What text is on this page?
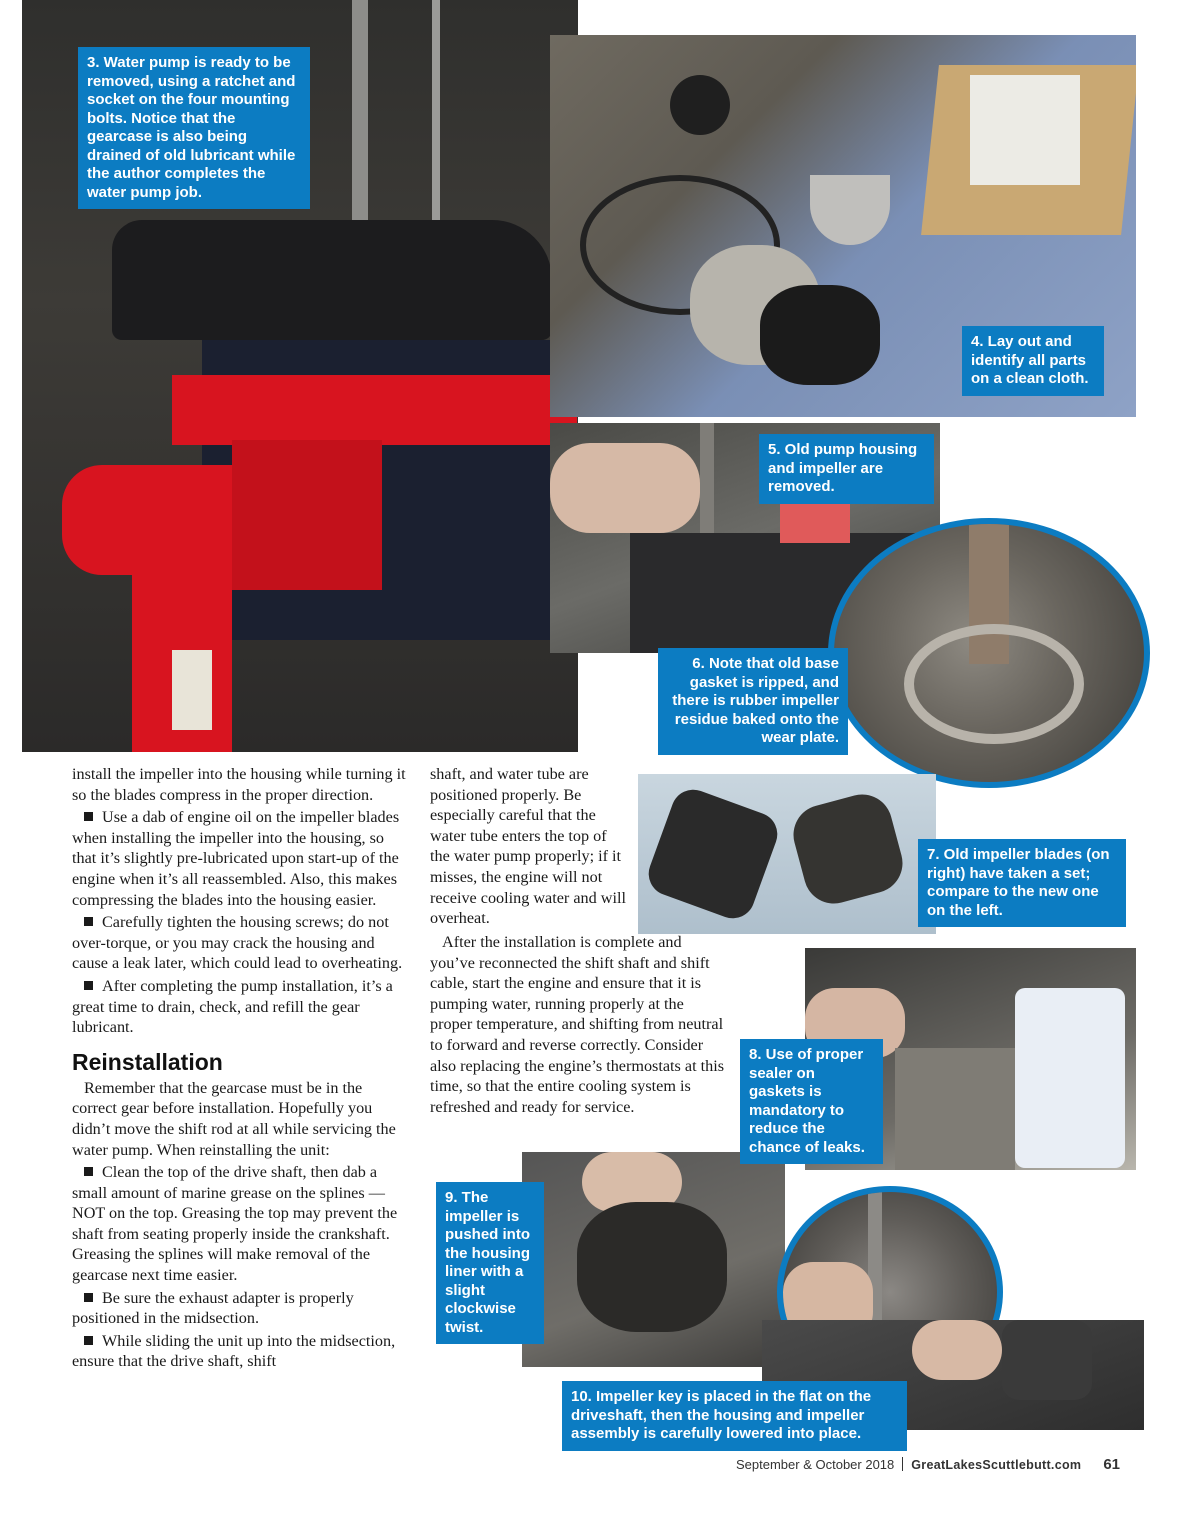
3. Water pump is ready to be removed, using a ratchet and socket on the four mounting bolts. Notice that the gearcase is also being drained of old lubricant while the author completes the water pump job.
4. Lay out and identify all parts on a clean cloth.
5. Old pump housing and impeller are removed.
6. Note that old base gasket is ripped, and there is rubber impeller residue baked onto the wear plate.
7. Old impeller blades (on right) have taken a set; compare to the new one on the left.
8. Use of proper sealer on gaskets is mandatory to reduce the chance of leaks.
9. The impeller is pushed into the housing liner with a slight clockwise twist.
10. Impeller key is placed in the flat on the driveshaft, then the housing and impeller assembly is carefully lowered into place.

install the impeller into the housing while turning it so the blades compress in the proper direction.

Use a dab of engine oil on the impeller blades when installing the impeller into the housing, so that it’s slightly pre-lubricated upon start-up of the engine when it’s all reassembled. Also, this makes compressing the blades into the housing easier.

Carefully tighten the housing screws; do not over-torque, or you may crack the housing and cause a leak later, which could lead to overheating.

After completing the pump installation, it’s a great time to drain, check, and refill the gear lubricant.

Reinstallation

Remember that the gearcase must be in the correct gear before installation. Hopefully you didn’t move the shift rod at all while servicing the water pump. When reinstalling the unit:

Clean the top of the drive shaft, then dab a small amount of marine grease on the splines — NOT on the top. Greasing the top may prevent the shaft from seating properly inside the crankshaft. Greasing the splines will make removal of the gearcase next time easier.

Be sure the exhaust adapter is properly positioned in the midsection.

While sliding the unit up into the midsection, ensure that the drive shaft, shift

shaft, and water tube are positioned properly. Be especially careful that the water tube enters the top of the water pump properly; if it misses, the engine will not receive cooling water and will overheat.

After the installation is complete and you’ve reconnected the shift shaft and shift cable, start the engine and ensure that it is pumping water, running properly at the proper temperature, and shifting from neutral to forward and reverse correctly. Consider also replacing the engine’s thermostats at this time, so that the entire cooling system is refreshed and ready for service.

September & October 2018 GreatLakesScuttlebutt.com 61
